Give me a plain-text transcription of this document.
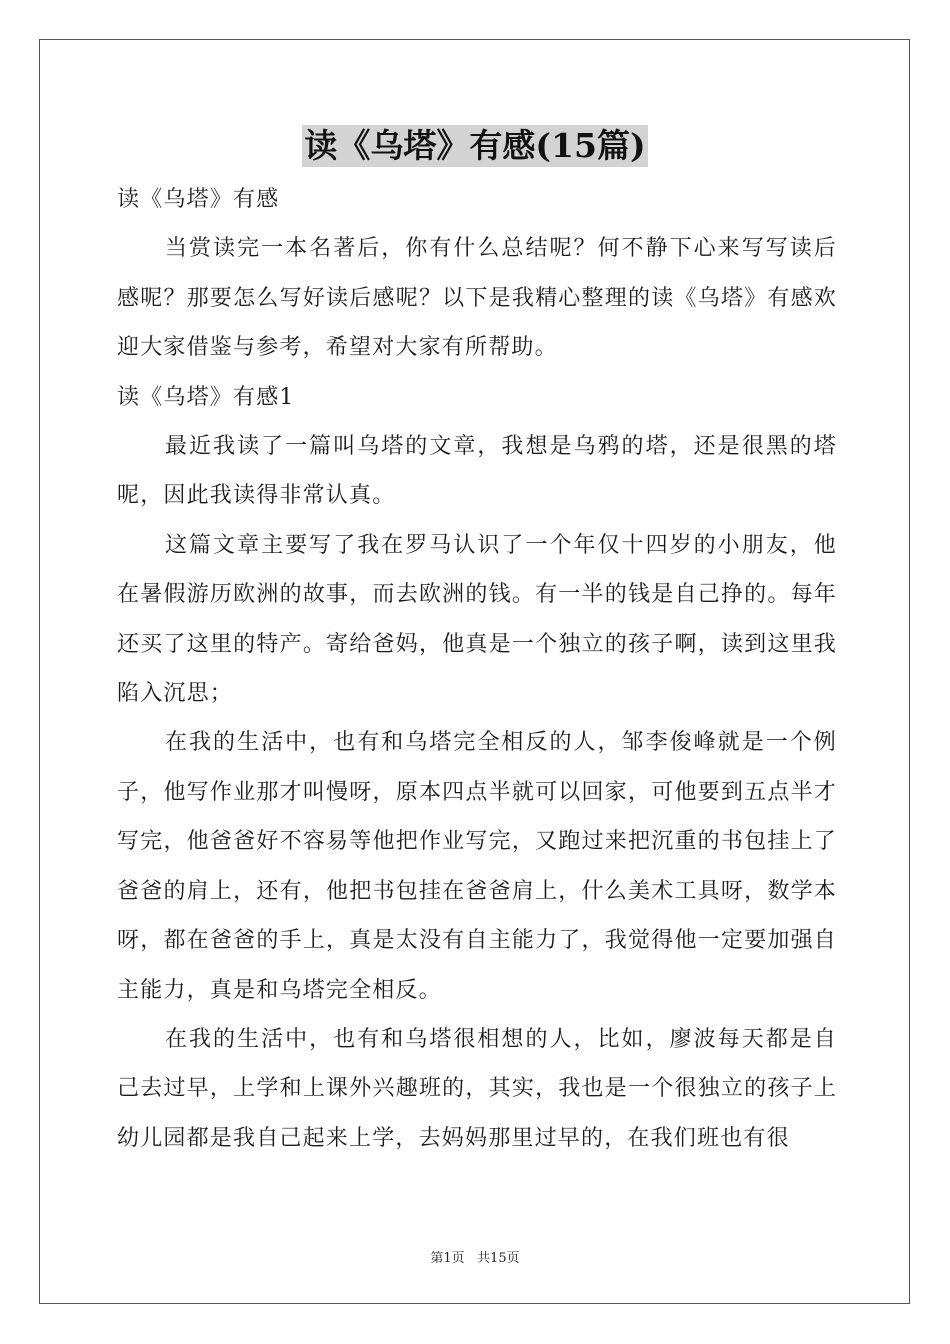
读《乌塔》有感(15篇)

读《乌塔》有感

当赏读完一本名著后，你有什么总结呢？何不静下心来写写读后感呢？那要怎么写好读后感呢？以下是我精心整理的读《乌塔》有感欢迎大家借鉴与参考，希望对大家有所帮助。

读《乌塔》有感1

最近我读了一篇叫乌塔的文章，我想是乌鸦的塔，还是很黑的塔呢，因此我读得非常认真。

这篇文章主要写了我在罗马认识了一个年仅十四岁的小朋友，他在暑假游历欧洲的故事，而去欧洲的钱。有一半的钱是自己挣的。每年还买了这里的特产。寄给爸妈，他真是一个独立的孩子啊，读到这里我陷入沉思；

在我的生活中，也有和乌塔完全相反的人，邹李俊峰就是一个例子，他写作业那才叫慢呀，原本四点半就可以回家，可他要到五点半才写完，他爸爸好不容易等他把作业写完，又跑过来把沉重的书包挂上了爸爸的肩上，还有，他把书包挂在爸爸肩上，什么美术工具呀，数学本呀，都在爸爸的手上，真是太没有自主能力了，我觉得他一定要加强自主能力，真是和乌塔完全相反。

在我的生活中，也有和乌塔很相想的人，比如，廖波每天都是自己去过早，上学和上课外兴趣班的，其实，我也是一个很独立的孩子上幼儿园都是我自己起来上学，去妈妈那里过早的，在我们班也有很

第1页   共15页
